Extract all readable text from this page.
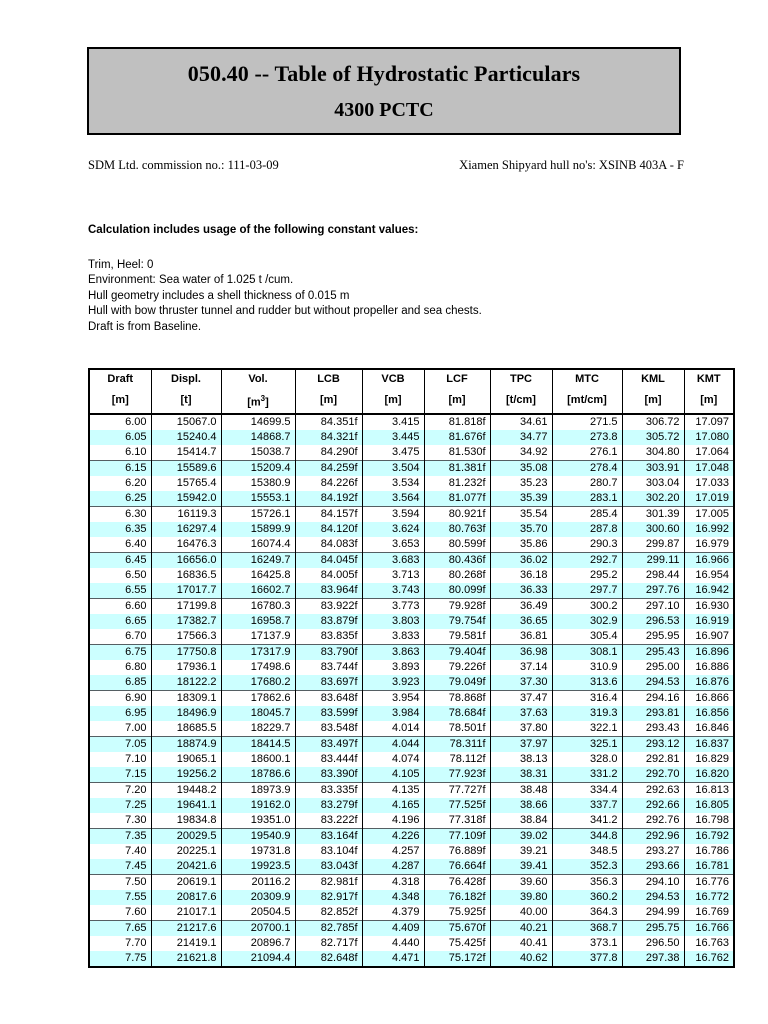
050.40 -- Table of Hydrostatic Particulars
4300 PCTC
SDM Ltd. commission no.: 111-03-09	Xiamen Shipyard hull no's: XSINB 403A - F
Calculation includes usage of the following constant values:
Trim, Heel: 0
Environment: Sea water of 1.025 t /cum.
Hull geometry includes a shell thickness of 0.015 m
Hull with bow thruster tunnel and rudder but without propeller and sea chests.
Draft is from Baseline.
Draft	Displ.	Vol.	LCB	VCB	LCF	TPC	MTC	KML	KMT
[m]	[t]	$[m^3]$	[m]	[m]	[m]	[t/cm]	[mt/cm]	[m]	[m]
6.00	15067.0	14699.5	84.351f	3.415	81.818f	34.61	271.5	306.72	17.097
6.05	15240.4	14868.7	84.321f	3.445	81.676f	34.77	273.8	305.72	17.080
6.10	15414.7	15038.7	84.290f	3.475	81.530f	34.92	276.1	304.80	17.064
6.15	15589.6	15209.4	84.259f	3.504	81.381f	35.08	278.4	303.91	17.048
6.20	15765.4	15380.9	84.226f	3.534	81.232f	35.23	280.7	303.04	17.033
6.25	15942.0	15553.1	84.192f	3.564	81.077f	35.39	283.1	302.20	17.019
6.30	16119.3	15726.1	84.157f	3.594	80.921f	35.54	285.4	301.39	17.005
6.35	16297.4	15899.9	84.120f	3.624	80.763f	35.70	287.8	300.60	16.992
6.40	16476.3	16074.4	84.083f	3.653	80.599f	35.86	290.3	299.87	16.979
6.45	16656.0	16249.7	84.045f	3.683	80.436f	36.02	292.7	299.11	16.966
6.50	16836.5	16425.8	84.005f	3.713	80.268f	36.18	295.2	298.44	16.954
6.55	17017.7	16602.7	83.964f	3.743	80.099f	36.33	297.7	297.76	16.942
6.60	17199.8	16780.3	83.922f	3.773	79.928f	36.49	300.2	297.10	16.930
6.65	17382.7	16958.7	83.879f	3.803	79.754f	36.65	302.9	296.53	16.919
6.70	17566.3	17137.9	83.835f	3.833	79.581f	36.81	305.4	295.95	16.907
6.75	17750.8	17317.9	83.790f	3.863	79.404f	36.98	308.1	295.43	16.896
6.80	17936.1	17498.6	83.744f	3.893	79.226f	37.14	310.9	295.00	16.886
6.85	18122.2	17680.2	83.697f	3.923	79.049f	37.30	313.6	294.53	16.876
6.90	18309.1	17862.6	83.648f	3.954	78.868f	37.47	316.4	294.16	16.866
6.95	18496.9	18045.7	83.599f	3.984	78.684f	37.63	319.3	293.81	16.856
7.00	18685.5	18229.7	83.548f	4.014	78.501f	37.80	322.1	293.43	16.846
7.05	18874.9	18414.5	83.497f	4.044	78.311f	37.97	325.1	293.12	16.837
7.10	19065.1	18600.1	83.444f	4.074	78.112f	38.13	328.0	292.81	16.829
7.15	19256.2	18786.6	83.390f	4.105	77.923f	38.31	331.2	292.70	16.820
7.20	19448.2	18973.9	83.335f	4.135	77.727f	38.48	334.4	292.63	16.813
7.25	19641.1	19162.0	83.279f	4.165	77.525f	38.66	337.7	292.66	16.805
7.30	19834.8	19351.0	83.222f	4.196	77.318f	38.84	341.2	292.76	16.798
7.35	20029.5	19540.9	83.164f	4.226	77.109f	39.02	344.8	292.96	16.792
7.40	20225.1	19731.8	83.104f	4.257	76.889f	39.21	348.5	293.27	16.786
7.45	20421.6	19923.5	83.043f	4.287	76.664f	39.41	352.3	293.66	16.781
7.50	20619.1	20116.2	82.981f	4.318	76.428f	39.60	356.3	294.10	16.776
7.55	20817.6	20309.9	82.917f	4.348	76.182f	39.80	360.2	294.53	16.772
7.60	21017.1	20504.5	82.852f	4.379	75.925f	40.00	364.3	294.99	16.769
7.65	21217.6	20700.1	82.785f	4.409	75.670f	40.21	368.7	295.75	16.766
7.70	21419.1	20896.7	82.717f	4.440	75.425f	40.41	373.1	296.50	16.763
7.75	21621.8	21094.4	82.648f	4.471	75.172f	40.62	377.8	297.38	16.762
